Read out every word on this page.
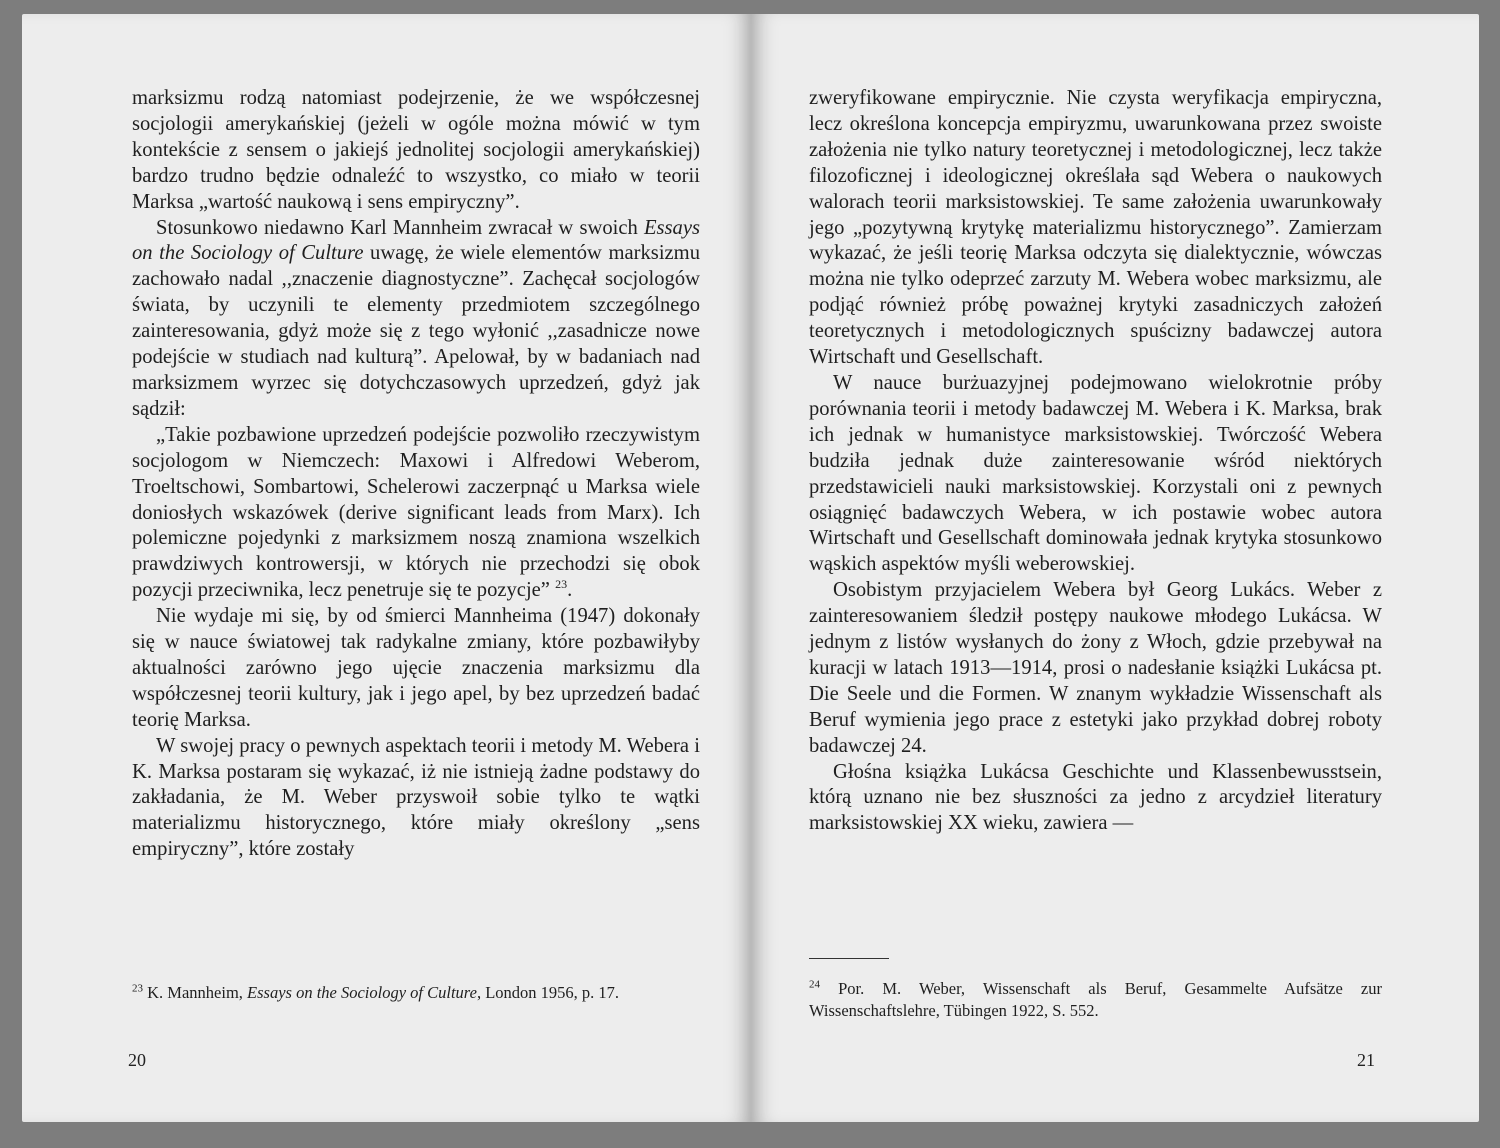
marksizmu rodzą natomiast podejrzenie, że we współczesnej socjologii amerykańskiej (jeżeli w ogóle można mówić w tym kontekście z sensem o jakiejś jednolitej socjologii amerykańskiej) bardzo trudno będzie odnaleźć to wszystko, co miało w teorii Marksa „wartość naukową i sens empiryczny”.

Stosunkowo niedawno Karl Mannheim zwracał w swoich Essays on the Sociology of Culture uwagę, że wiele elementów marksizmu zachowało nadal ,,znaczenie diagnostyczne”. Zachęcał socjologów świata, by uczynili te elementy przedmiotem szczególnego zainteresowania, gdyż może się z tego wyłonić ,,zasadnicze nowe podejście w studiach nad kulturą”. Apelował, by w badaniach nad marksizmem wyrzec się dotychczasowych uprzedzeń, gdyż jak sądził:

„Takie pozbawione uprzedzeń podejście pozwoliło rzeczywistym socjologom w Niemczech: Maxowi i Alfredowi Weberom, Troeltschowi, Sombartowi, Schelerowi zaczerpnąć u Marksa wiele doniosłych wskazówek (derive significant leads from Marx). Ich polemiczne pojedynki z marksizmem noszą znamiona wszelkich prawdziwych kontrowersji, w których nie przechodzi się obok pozycji przeciwnika, lecz penetruje się te pozycje” $^{23}$.

Nie wydaje mi się, by od śmierci Mannheima (1947) dokonały się w nauce światowej tak radykalne zmiany, które pozbawiłyby aktualności zarówno jego ujęcie znaczenia marksizmu dla współczesnej teorii kultury, jak i jego apel, by bez uprzedzeń badać teorię Marksa.

W swojej pracy o pewnych aspektach teorii i metody M. Webera i K. Marksa postaram się wykazać, iż nie istnieją żadne podstawy do zakładania, że M. Weber przyswoił sobie tylko te wątki materializmu historycznego, które miały określony „sens empiryczny”, które zostały

$^{23}$ K. Mannheim, Essays on the Sociology of Culture, London 1956, p. 17.
20

zweryfikowane empirycznie. Nie czysta weryfikacja empiryczna, lecz określona koncepcja empiryzmu, uwarunkowana przez swoiste założenia nie tylko natury teoretycznej i metodologicznej, lecz także filozoficznej i ideologicznej określała sąd Webera o naukowych walorach teorii marksistowskiej. Te same założenia uwarunkowały jego „pozytywną krytykę materializmu historycznego”. Zamierzam wykazać, że jeśli teorię Marksa odczyta się dialektycznie, wówczas można nie tylko odeprzeć zarzuty M. Webera wobec marksizmu, ale podjąć również próbę poważnej krytyki zasadniczych założeń teoretycznych i metodologicznych spuścizny badawczej autora Wirtschaft und Gesellschaft.

W nauce burżuazyjnej podejmowano wielokrotnie próby porównania teorii i metody badawczej M. Webera i K. Marksa, brak ich jednak w humanistyce marksistowskiej. Twórczość Webera budziła jednak duże zainteresowanie wśród niektórych przedstawicieli nauki marksistowskiej. Korzystali oni z pewnych osiągnięć badawczych Webera, w ich postawie wobec autora Wirtschaft und Gesellschaft dominowała jednak krytyka stosunkowo wąskich aspektów myśli weberowskiej.

Osobistym przyjacielem Webera był Georg Lukács. Weber z zainteresowaniem śledził postępy naukowe młodego Lukácsa. W jednym z listów wysłanych do żony z Włoch, gdzie przebywał na kuracji w latach 1913—1914, prosi o nadesłanie książki Lukácsa pt. Die Seele und die Formen. W znanym wykładzie Wissenschaft als Beruf wymienia jego prace z estetyki jako przykład dobrej roboty badawczej 24.

Głośna książka Lukácsa Geschichte und Klassenbewusstsein, którą uznano nie bez słuszności za jedno z arcydzieł literatury marksistowskiej XX wieku, zawiera —

$^{24}$ Por. M. Weber, Wissenschaft als Beruf, Gesammelte Aufsätze zur Wissenschaftslehre, Tübingen 1922, S. 552.
21
